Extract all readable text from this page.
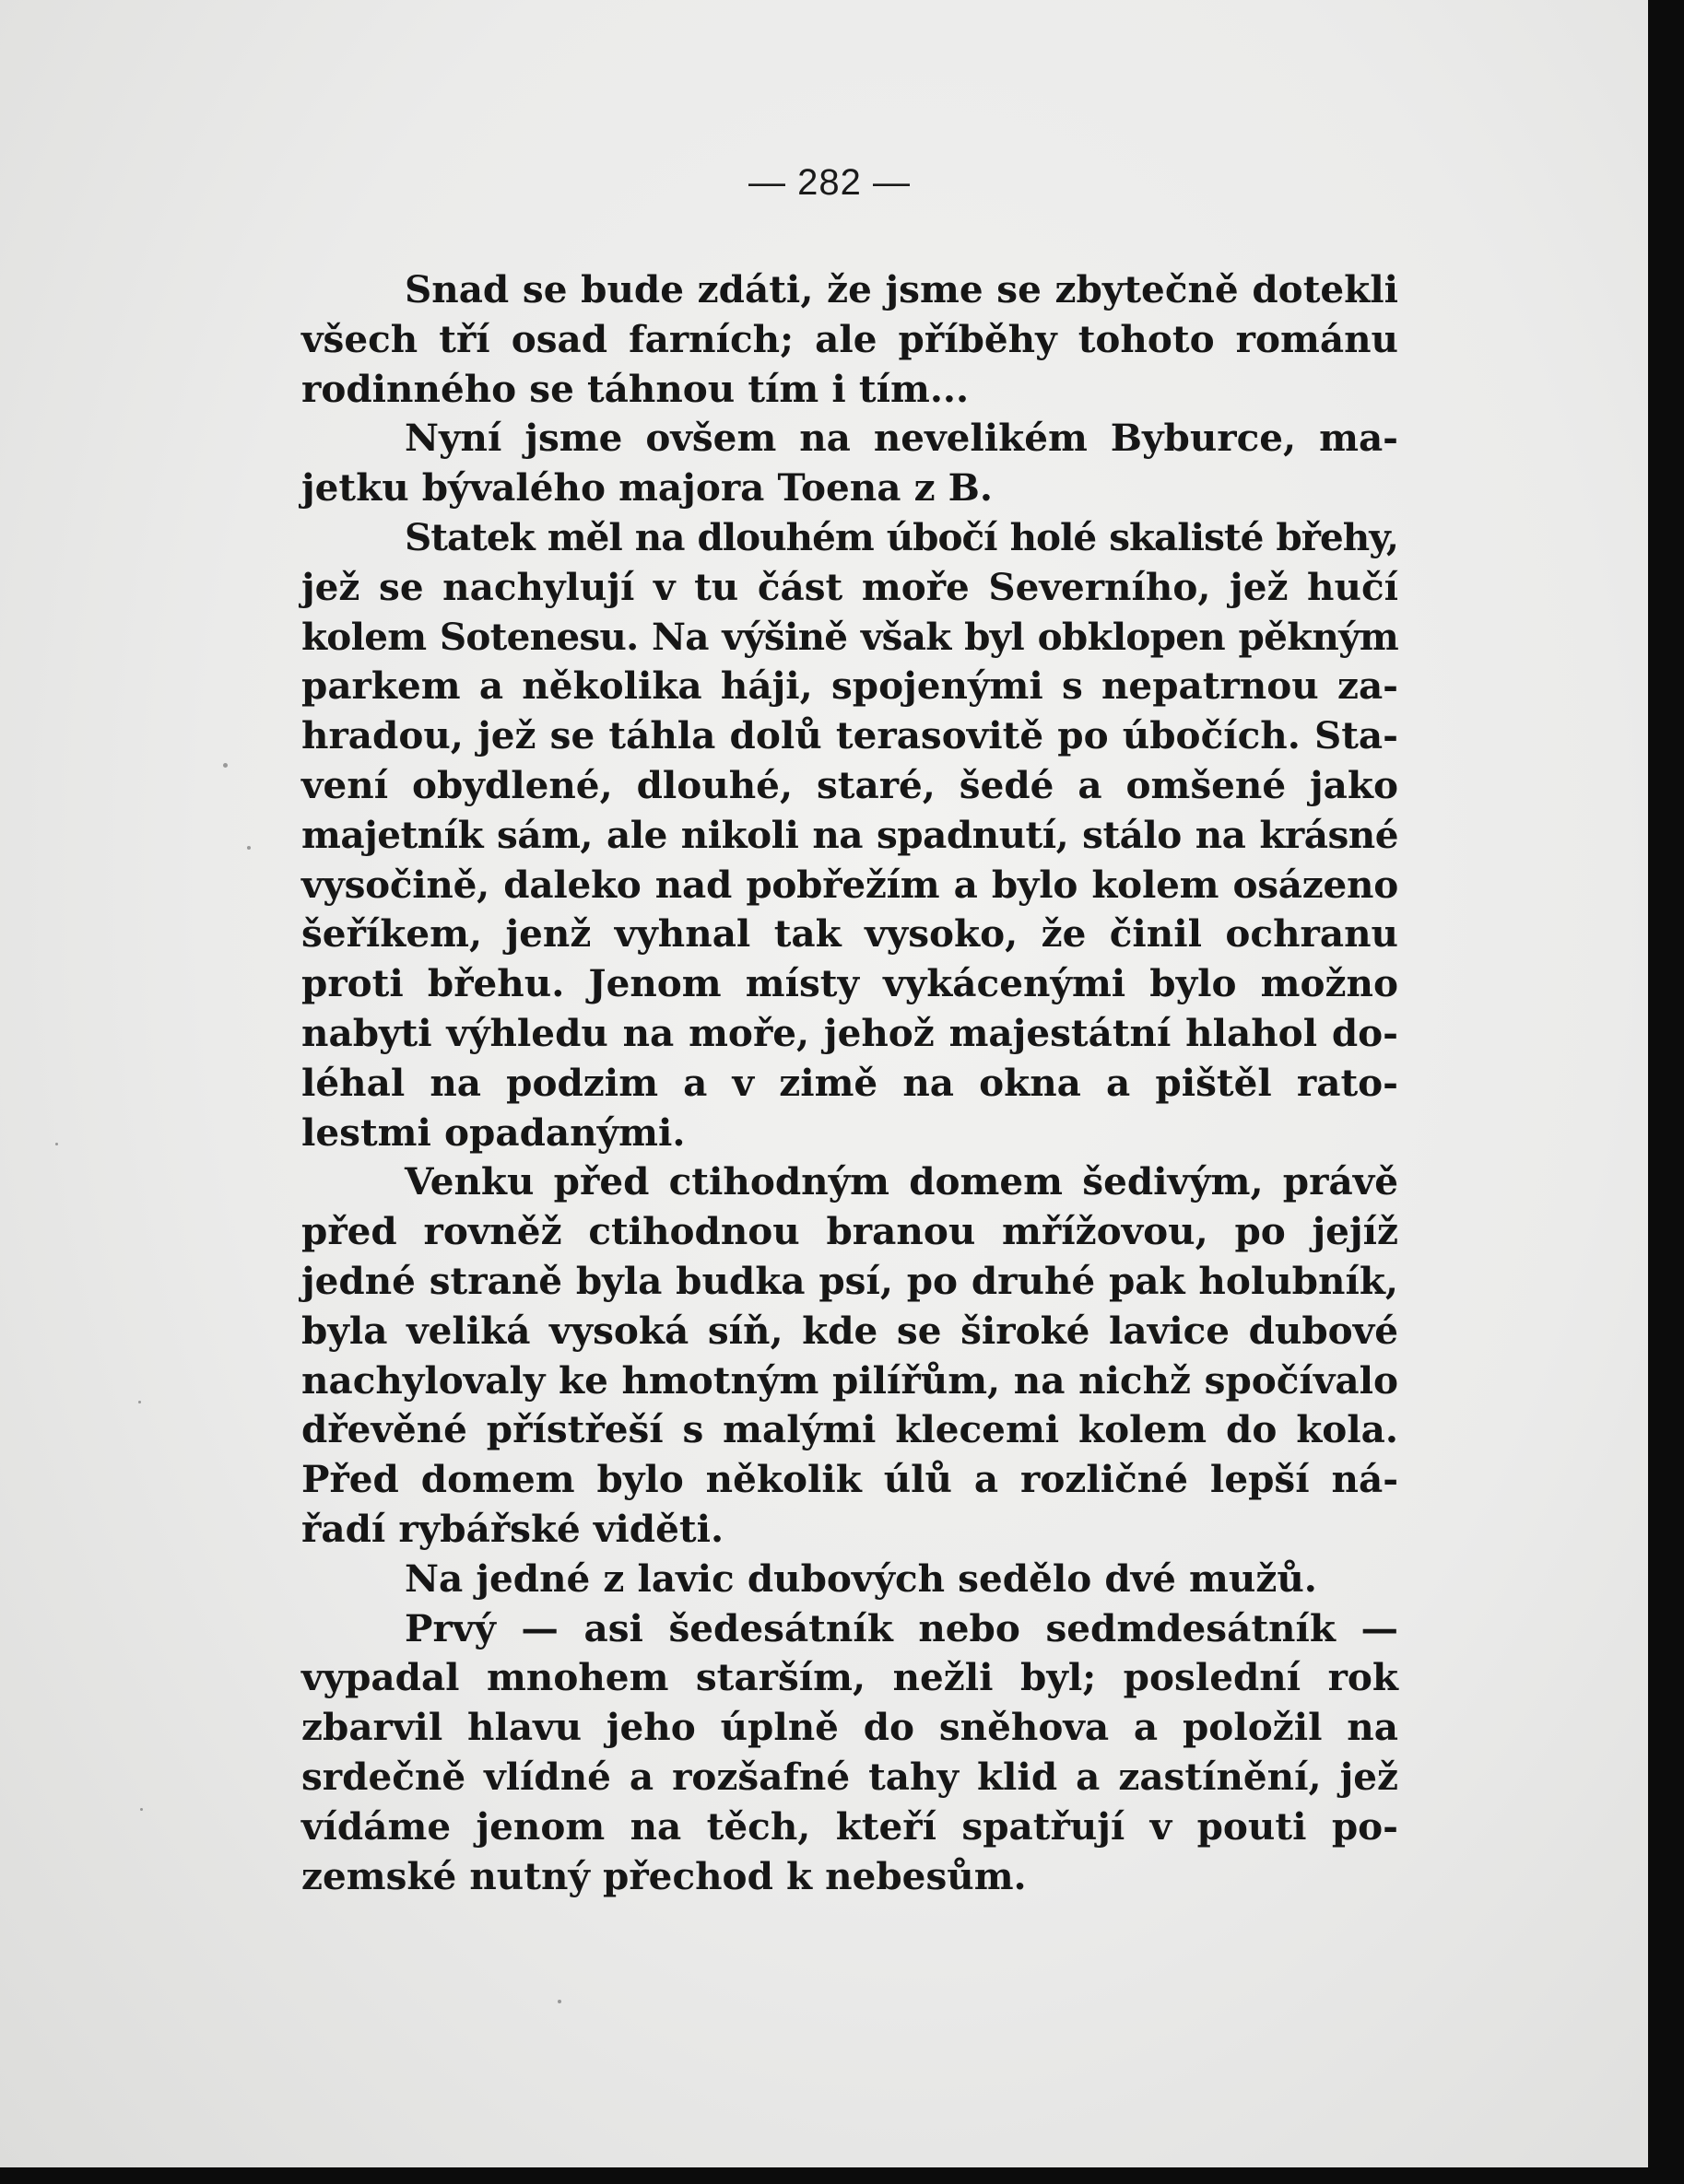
— 282 —
Snad se bude zdáti, že jsme se zbytečně dotekli
všech tří osad farních; ale příběhy tohoto románu
rodinného se táhnou tím i tím...
Nyní jsme ovšem na nevelikém Byburce, ma-
jetku bývalého majora Toena z B.
Statek měl na dlouhém úbočí holé skalisté břehy,
jež se nachylují v tu část moře Severního, jež hučí
kolem Sotenesu. Na výšině však byl obklopen pěkným
parkem a několika háji, spojenými s nepatrnou za-
hradou, jež se táhla dolů terasovitě po úbočích. Sta-
vení obydlené, dlouhé, staré, šedé a omšené jako
majetník sám, ale nikoli na spadnutí, stálo na krásné
vysočině, daleko nad pobřežím a bylo kolem osázeno
šeříkem, jenž vyhnal tak vysoko, že činil ochranu
proti břehu. Jenom místy vykácenými bylo možno
nabyti výhledu na moře, jehož majestátní hlahol do-
léhal na podzim a v zimě na okna a pištěl rato-
lestmi opadanými.
Venku před ctihodným domem šedivým, právě
před rovněž ctihodnou branou mřížovou, po jejíž
jedné straně byla budka psí, po druhé pak holubník,
byla veliká vysoká síň, kde se široké lavice dubové
nachylovaly ke hmotným pilířům, na nichž spočívalo
dřevěné přístřeší s malými klecemi kolem do kola.
Před domem bylo několik úlů a rozličné lepší ná-
řadí rybářské viděti.
Na jedné z lavic dubových sedělo dvé mužů.
Prvý — asi šedesátník nebo sedmdesátník —
vypadal mnohem starším, nežli byl; poslední rok
zbarvil hlavu jeho úplně do sněhova a položil na
srdečně vlídné a rozšafné tahy klid a zastínění, jež
vídáme jenom na těch, kteří spatřují v pouti po-
zemské nutný přechod k nebesům.
